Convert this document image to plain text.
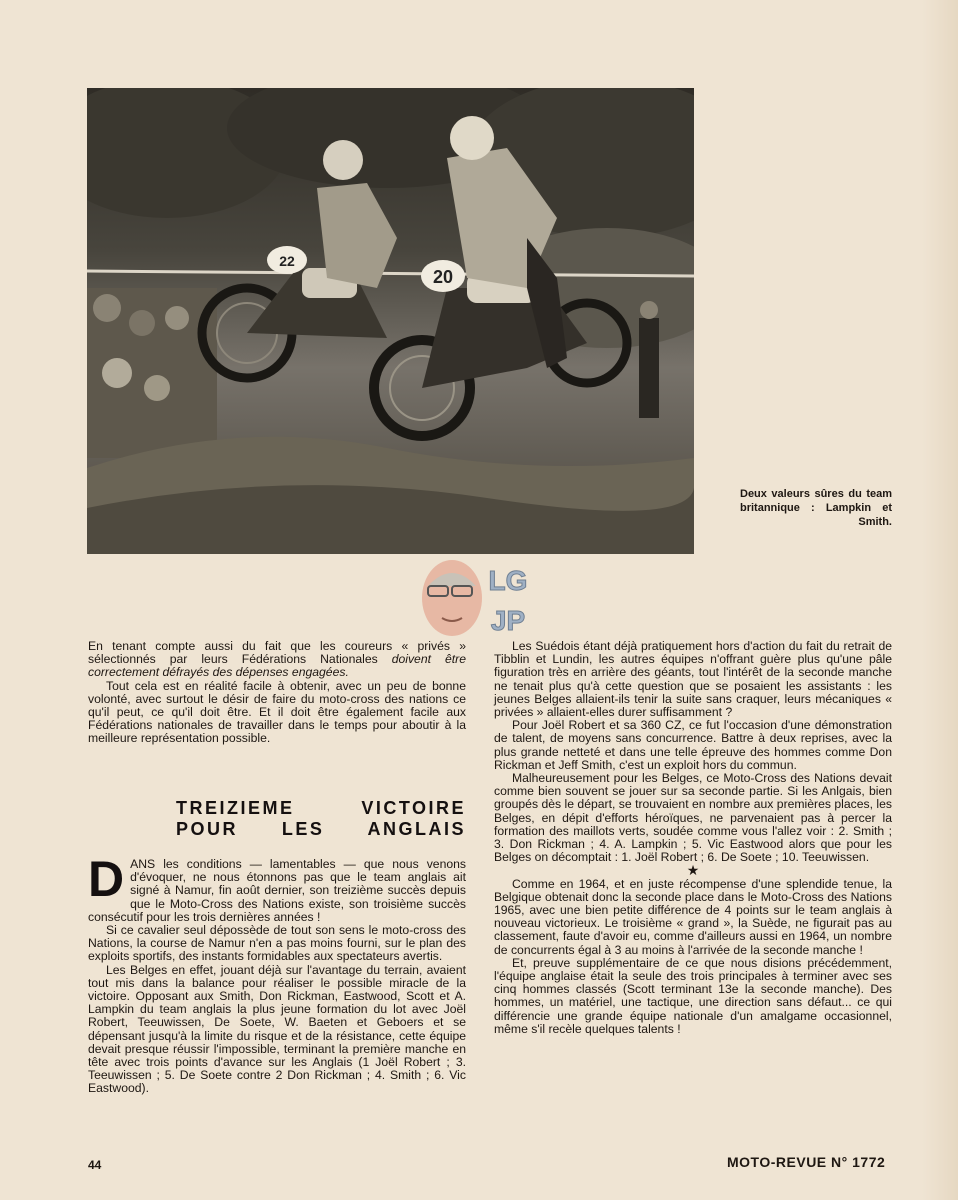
22
20
Deux valeurs sûres du team britannique : Lampkin et Smith.
LG
JP

En tenant compte aussi du fait que les coureurs « privés » sélectionnés par leurs Fédérations Nationales doivent être correctement défrayés des dépenses engagées.

Tout cela est en réalité facile à obtenir, avec un peu de bonne volonté, avec surtout le désir de faire du moto-cross des nations ce qu'il peut, ce qu'il doit être. Et il doit être également facile aux Fédérations nationales de travailler dans le temps pour aboutir à la meilleure représentation possible.

TREIZIEME VICTOIRE
POUR LES ANGLAIS

DANS les conditions — lamentables — que nous venons d'évoquer, ne nous étonnons pas que le team anglais ait signé à Namur, fin août dernier, son treizième succès depuis que le Moto-Cross des Nations existe, son troisième succès consécutif pour les trois dernières années !

Si ce cavalier seul dépossède de tout son sens le moto-cross des Nations, la course de Namur n'en a pas moins fourni, sur le plan des exploits sportifs, des instants formidables aux spectateurs avertis.

Les Belges en effet, jouant déjà sur l'avantage du terrain, avaient tout mis dans la balance pour réaliser le possible miracle de la victoire. Opposant aux Smith, Don Rickman, Eastwood, Scott et A. Lampkin du team anglais la plus jeune formation du lot avec Joël Robert, Teeuwissen, De Soete, W. Baeten et Geboers et se dépensant jusqu'à la limite du risque et de la résistance, cette équipe devait presque réussir l'impossible, terminant la première manche en tête avec trois points d'avance sur les Anglais (1 Joël Robert ; 3. Teeuwissen ; 5. De Soete contre 2 Don Rickman ; 4. Smith ; 6. Vic Eastwood).

Les Suédois étant déjà pratiquement hors d'action du fait du retrait de Tibblin et Lundin, les autres équipes n'offrant guère plus qu'une pâle figuration très en arrière des géants, tout l'intérêt de la seconde manche ne tenait plus qu'à cette question que se posaient les assistants : les jeunes Belges allaient-ils tenir la suite sans craquer, leurs mécaniques « privées » allaient-elles durer suffisamment ?

Pour Joël Robert et sa 360 CZ, ce fut l'occasion d'une démonstration de talent, de moyens sans concurrence. Battre à deux reprises, avec la plus grande netteté et dans une telle épreuve des hommes comme Don Rickman et Jeff Smith, c'est un exploit hors du commun.

Malheureusement pour les Belges, ce Moto-Cross des Nations devait comme bien souvent se jouer sur sa seconde partie. Si les Anlgais, bien groupés dès le départ, se trouvaient en nombre aux premières places, les Belges, en dépit d'efforts héroïques, ne parvenaient pas à percer la formation des maillots verts, soudée comme vous l'allez voir : 2. Smith ; 3. Don Rickman ; 4. A. Lampkin ; 5. Vic Eastwood alors que pour les Belges on décomptait : 1. Joël Robert ; 6. De Soete ; 10. Teeuwissen.

★

Comme en 1964, et en juste récompense d'une splendide tenue, la Belgique obtenait donc la seconde place dans le Moto-Cross des Nations 1965, avec une bien petite différence de 4 points sur le team anglais à nouveau victorieux. Le troisième « grand », la Suède, ne figurait pas au classement, faute d'avoir eu, comme d'ailleurs aussi en 1964, un nombre de concurrents égal à 3 au moins à l'arrivée de la seconde manche !

Et, preuve supplémentaire de ce que nous disions précédemment, l'équipe anglaise était la seule des trois principales à terminer avec ses cinq hommes classés (Scott terminant 13e la seconde manche). Des hommes, un matériel, une tactique, une direction sans défaut... ce qui différencie une grande équipe nationale d'un amalgame occasionnel, même s'il recèle quelques talents !

44	MOTO-REVUE N° 1772
